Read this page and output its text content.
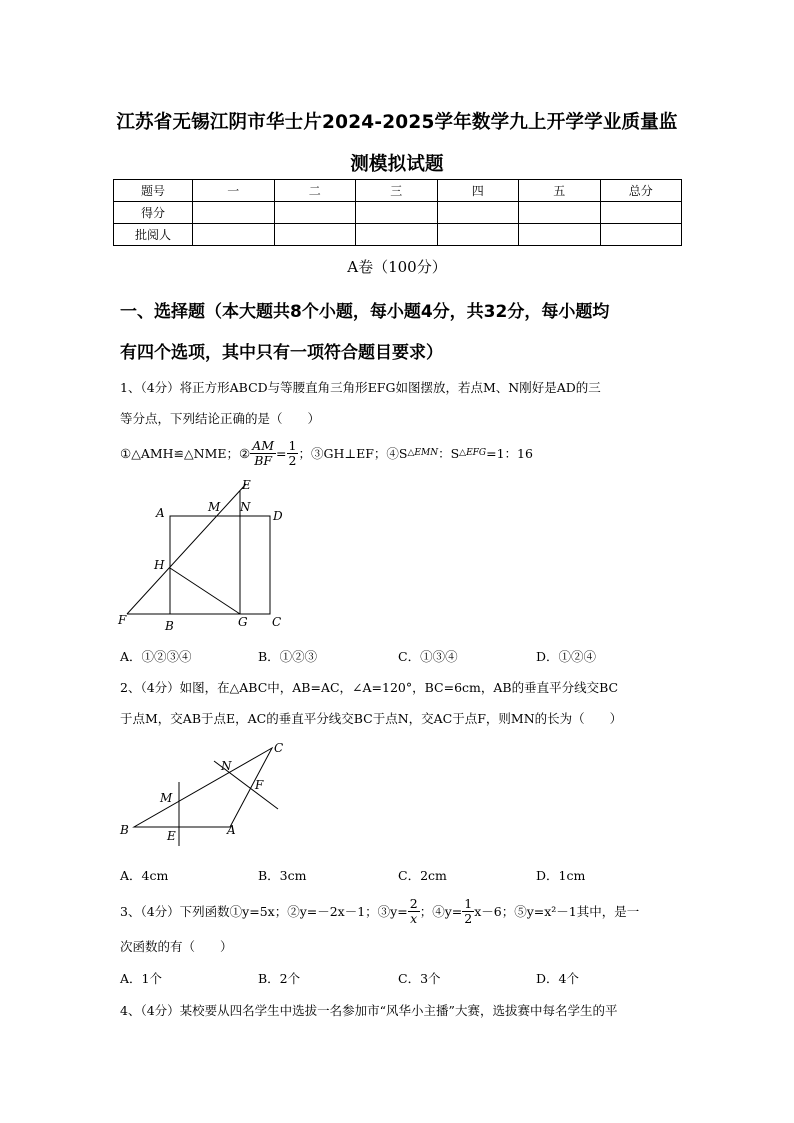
江苏省无锡江阴市华士片2024-2025学年数学九上开学学业质量监
测模拟试题
题号	一	二	三	四	五	总分
得分						
批阅人						
A卷（100分）
一、选择题（本大题共8个小题，每小题4分，共32分，每小题均
有四个选项，其中只有一项符合题目要求）
1、（4分）将正方形ABCD与等腰直角三角形EFG如图摆放，若点M、N刚好是AD的三
等分点，下列结论正确的是（　　）
①△AMH≌△NME；② $\frac{AM}{BF} = \frac{1}{2}$ ；③GH⊥EF；④S △EMN ：S △EFG =1：16
E
M N
A	D
H
F	B	G C
A．①②③④	B．①②③	C．①③④	D．①②④
2、（4分）如图，在△ABC中，AB=AC，∠A=120°，BC=6cm，AB的垂直平分线交BC
于点M，交AB于点E，AC的垂直平分线交BC于点N，交AC于点F，则MN的长为（　　）
C
N
F
M
B	E	A
A．4cm	B．3cm	C．2cm	D．1cm
3、（4分）下列函数①y=5x；②y=－2x－1；③y= $\frac{2}{x}$ ；④y= $\frac{1}{2} x-6$；⑤y=x²－1其中，是一
次函数的有（　　）
A．1个	B．2个	C．3个	D．4个
4、（4分）某校要从四名学生中选拔一名参加市“风华小主播”大赛，选拔赛中每名学生的平
